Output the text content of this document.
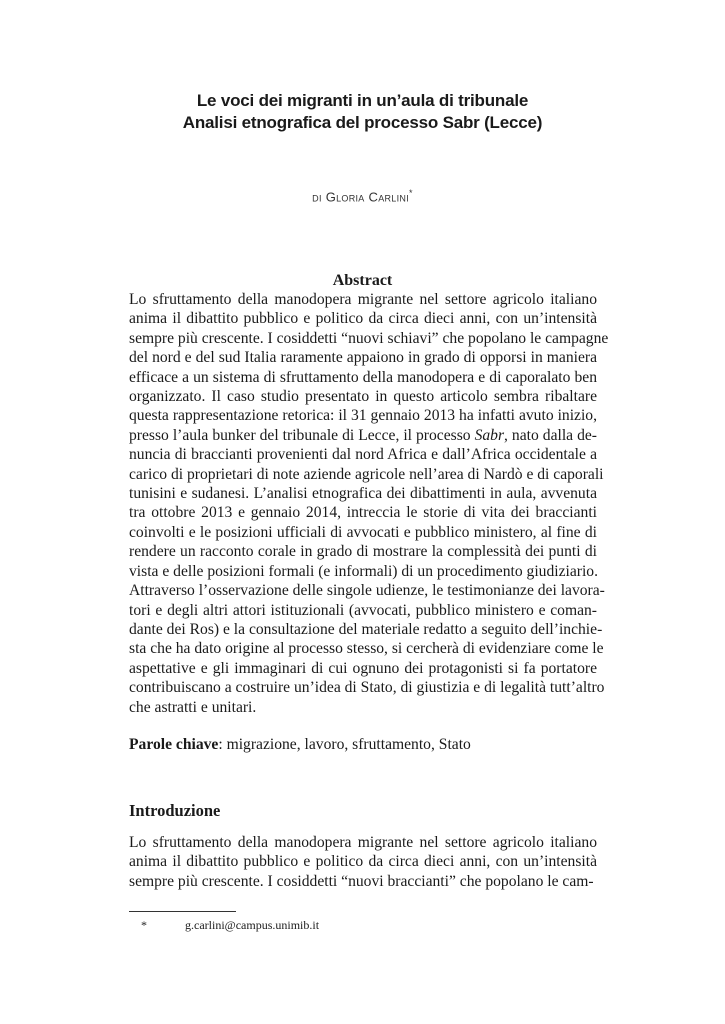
Le voci dei migranti in un’aula di tribunale
Analisi etnografica del processo Sabr (Lecce)
di Gloria Carlini*
Abstract
Lo sfruttamento della manodopera migrante nel settore agricolo italiano
anima il dibattito pubblico e politico da circa dieci anni, con un’intensità
sempre più crescente. I cosiddetti “nuovi schiavi” che popolano le campagne
del nord e del sud Italia raramente appaiono in grado di opporsi in maniera
efficace a un sistema di sfruttamento della manodopera e di caporalato ben
organizzato. Il caso studio presentato in questo articolo sembra ribaltare
questa rappresentazione retorica: il 31 gennaio 2013 ha infatti avuto inizio,
presso l’aula bunker del tribunale di Lecce, il processo Sabr, nato dalla de-
nuncia di braccianti provenienti dal nord Africa e dall’Africa occidentale a
carico di proprietari di note aziende agricole nell’area di Nardò e di caporali
tunisini e sudanesi. L’analisi etnografica dei dibattimenti in aula, avvenuta
tra ottobre 2013 e gennaio 2014, intreccia le storie di vita dei braccianti
coinvolti e le posizioni ufficiali di avvocati e pubblico ministero, al fine di
rendere un racconto corale in grado di mostrare la complessità dei punti di
vista e delle posizioni formali (e informali) di un procedimento giudiziario.
Attraverso l’osservazione delle singole udienze, le testimonianze dei lavora-
tori e degli altri attori istituzionali (avvocati, pubblico ministero e coman-
dante dei Ros) e la consultazione del materiale redatto a seguito dell’inchie-
sta che ha dato origine al processo stesso, si cercherà di evidenziare come le
aspettative e gli immaginari di cui ognuno dei protagonisti si fa portatore
contribuiscano a costruire un’idea di Stato, di giustizia e di legalità tutt’altro
che astratti e unitari.
Parole chiave: migrazione, lavoro, sfruttamento, Stato
Introduzione
Lo sfruttamento della manodopera migrante nel settore agricolo italiano
anima il dibattito pubblico e politico da circa dieci anni, con un’intensità
sempre più crescente. I cosiddetti “nuovi braccianti” che popolano le cam-
*	g.carlini@campus.unimib.it
